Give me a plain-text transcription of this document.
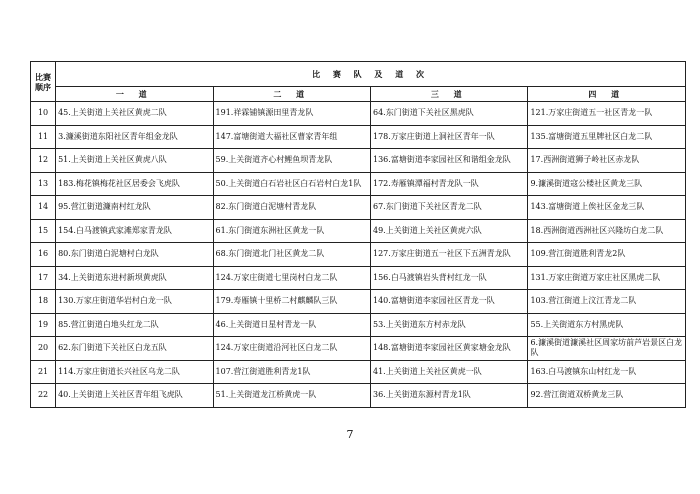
比赛顺序	比 赛 队 及 道 次			
	一 道	二 道	三 道	四 道
10	45.上关街道上关社区黄虎二队	191.祥霖铺镇源田里青龙队	64.东门街道下关社区黑虎队	121.万家庄街道五一社区青龙一队
11	3.濂溪街道东阳社区青年组金龙队	147.富塘街道大福社区曹家青年组	178.万家庄街道上洞社区青年一队	135.富塘街道五里牌社区白龙二队
12	51.上关街道上关社区黄虎八队	59.上关街道齐心村鲤鱼坝青龙队	136.富塘街道李家园社区和谐组金龙队	17.西洲街道狮子岭社区赤龙队
13	183.梅花镇梅花社区居委会飞虎队	50.上关街道白石岩社区白石岩村白龙1队	172.寿雁镇潭福村青龙队一队	9.濂溪街道寇公楼社区黄龙三队
14	95.营江街道濂南村红龙队	82.东门街道白泥塘村青龙队	67.东门街道下关社区青龙二队	143.富塘街道上俟社区金龙三队
15	154.白马渡镇武家滩郑家青龙队	61.东门街道东洲社区黄龙一队	49.上关街道上关社区黄虎六队	18.西洲街道西洲社区兴隆坊白龙二队
16	80.东门街道白泥塘村白龙队	68.东门街道北门社区黄龙二队	127.万家庄街道五一社区下五洲青龙队	109.营江街道胜利青龙2队
17	34.上关街道东进村新坝黄虎队	124.万家庄街道七里岗村白龙二队	156.白马渡镇岩头背村红龙一队	131.万家庄街道万家庄社区黑虎二队
18	130.万家庄街道华岩村白龙一队	179.寿雁镇十里桥二村麒麟队三队	140.富塘街道李家园社区青龙一队	103.营江街道上汶江青龙二队
19	85.营江街道白地头红龙二队	46.上关街道日星村青龙一队	53.上关街道东方村赤龙队	55.上关街道东方村黑虎队
20	62.东门街道下关社区白龙五队	124.万家庄街道沿河社区白龙二队	148.富塘街道李家园社区黄家塘金龙队	6.濂溪街道濂溪社区周家坊前芦岩景区白龙队
21	114.万家庄街道长兴社区乌龙二队	107.营江街道胜利青龙1队	41.上关街道上关社区黄虎一队	163.白马渡镇东山村红龙一队
22	40.上关街道上关社区青年组飞虎队	51.上关街道龙江桥黄虎一队	36.上关街道东源村青龙1队	92.营江街道双桥黄龙三队
7
